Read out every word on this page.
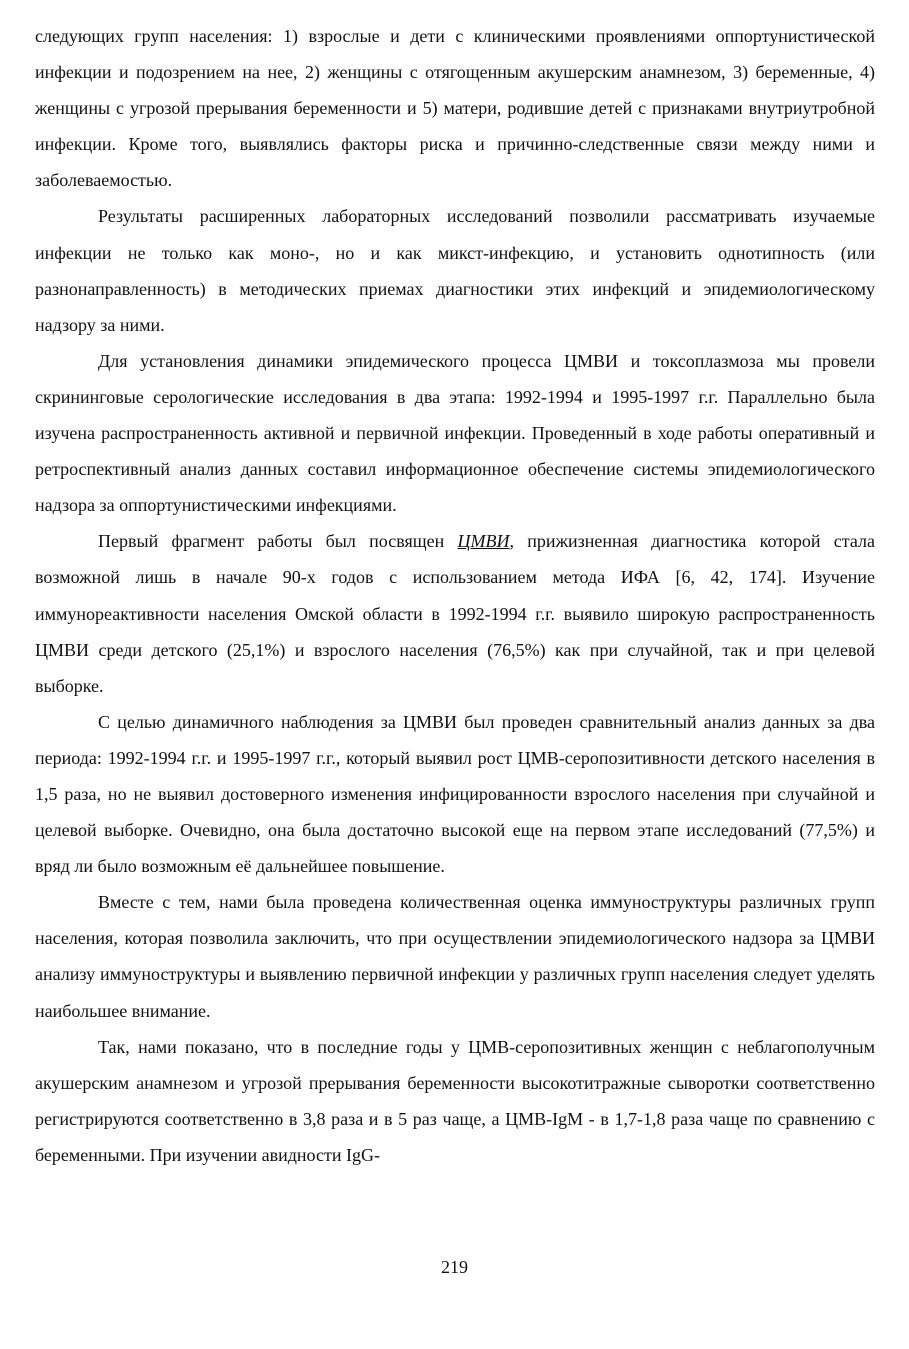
следующих групп населения: 1) взрослые и дети с клиническими проявлениями оппортунистической инфекции и подозрением на нее, 2) женщины с отягощенным акушерским анамнезом, 3) беременные, 4) женщины с угрозой прерывания беременности и 5) матери, родившие детей с признаками внутриутробной инфекции. Кроме того, выявлялись факторы риска и причинно-следственные связи между ними и заболеваемостью.

Результаты расширенных лабораторных исследований позволили рассматривать изучаемые инфекции не только как моно-, но и как микст-инфекцию, и установить однотипность (или разнонаправленность) в методических приемах диагностики этих инфекций и эпидемиологическому надзору за ними.

Для установления динамики эпидемического процесса ЦМВИ и токсоплазмоза мы провели скрининговые серологические исследования в два этапа: 1992-1994 и 1995-1997 г.г. Параллельно была изучена распространенность активной и первичной инфекции. Проведенный в ходе работы оперативный и ретроспективный анализ данных составил информационное обеспечение системы эпидемиологического надзора за оппортунистическими инфекциями.

Первый фрагмент работы был посвящен ЦМВИ, прижизненная диагностика которой стала возможной лишь в начале 90-х годов с использованием метода ИФА [6, 42, 174]. Изучение иммунореактивности населения Омской области в 1992-1994 г.г. выявило широкую распространенность ЦМВИ среди детского (25,1%) и взрослого населения (76,5%) как при случайной, так и при целевой выборке.

С целью динамичного наблюдения за ЦМВИ был проведен сравнительный анализ данных за два периода: 1992-1994 г.г. и 1995-1997 г.г., который выявил рост ЦМВ-серопозитивности детского населения в 1,5 раза, но не выявил достоверного изменения инфицированности взрослого населения при случайной и целевой выборке. Очевидно, она была достаточно высокой еще на первом этапе исследований (77,5%) и вряд ли было возможным её дальнейшее повышение.

Вместе с тем, нами была проведена количественная оценка иммуноструктуры различных групп населения, которая позволила заключить, что при осуществлении эпидемиологического надзора за ЦМВИ анализу иммуноструктуры и выявлению первичной инфекции у различных групп населения следует уделять наибольшее внимание.

Так, нами показано, что в последние годы у ЦМВ-серопозитивных женщин с неблагополучным акушерским анамнезом и угрозой прерывания беременности высокотитражные сыворотки соответственно регистрируются соответственно в 3,8 раза и в 5 раз чаще, а ЦМВ-IgM - в 1,7-1,8 раза чаще по сравнению с беременными. При изучении авидности IgG-

219
